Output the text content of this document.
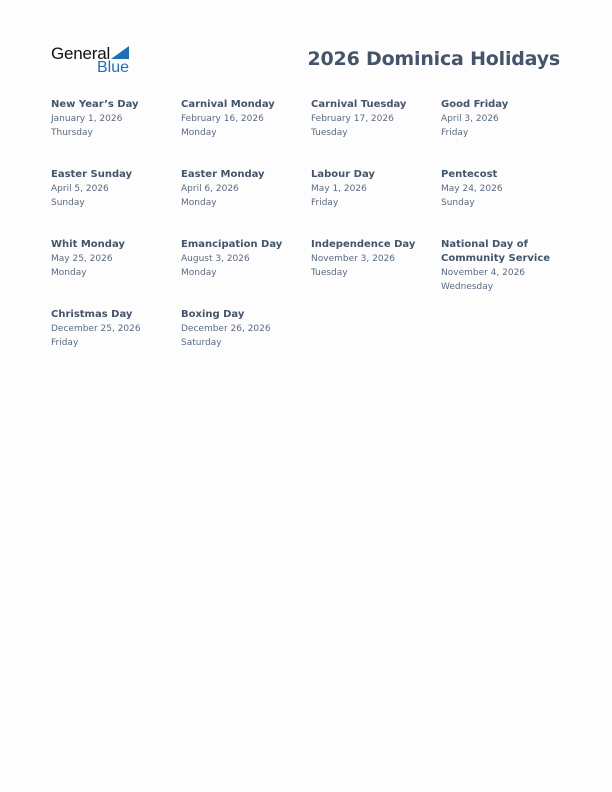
General
Blue	2026 Dominica Holidays
New Year’s Day
January 1, 2026
Thursday
Carnival Monday
February 16, 2026
Monday
Carnival Tuesday
February 17, 2026
Tuesday
Good Friday
April 3, 2026
Friday
Easter Sunday
April 5, 2026
Sunday
Easter Monday
April 6, 2026
Monday
Labour Day
May 1, 2026
Friday
Pentecost
May 24, 2026
Sunday
Whit Monday
May 25, 2026
Monday
Emancipation Day
August 3, 2026
Monday
Independence Day
November 3, 2026
Tuesday
National Day of Community Service
November 4, 2026
Wednesday
Christmas Day
December 25, 2026
Friday
Boxing Day
December 26, 2026
Saturday
